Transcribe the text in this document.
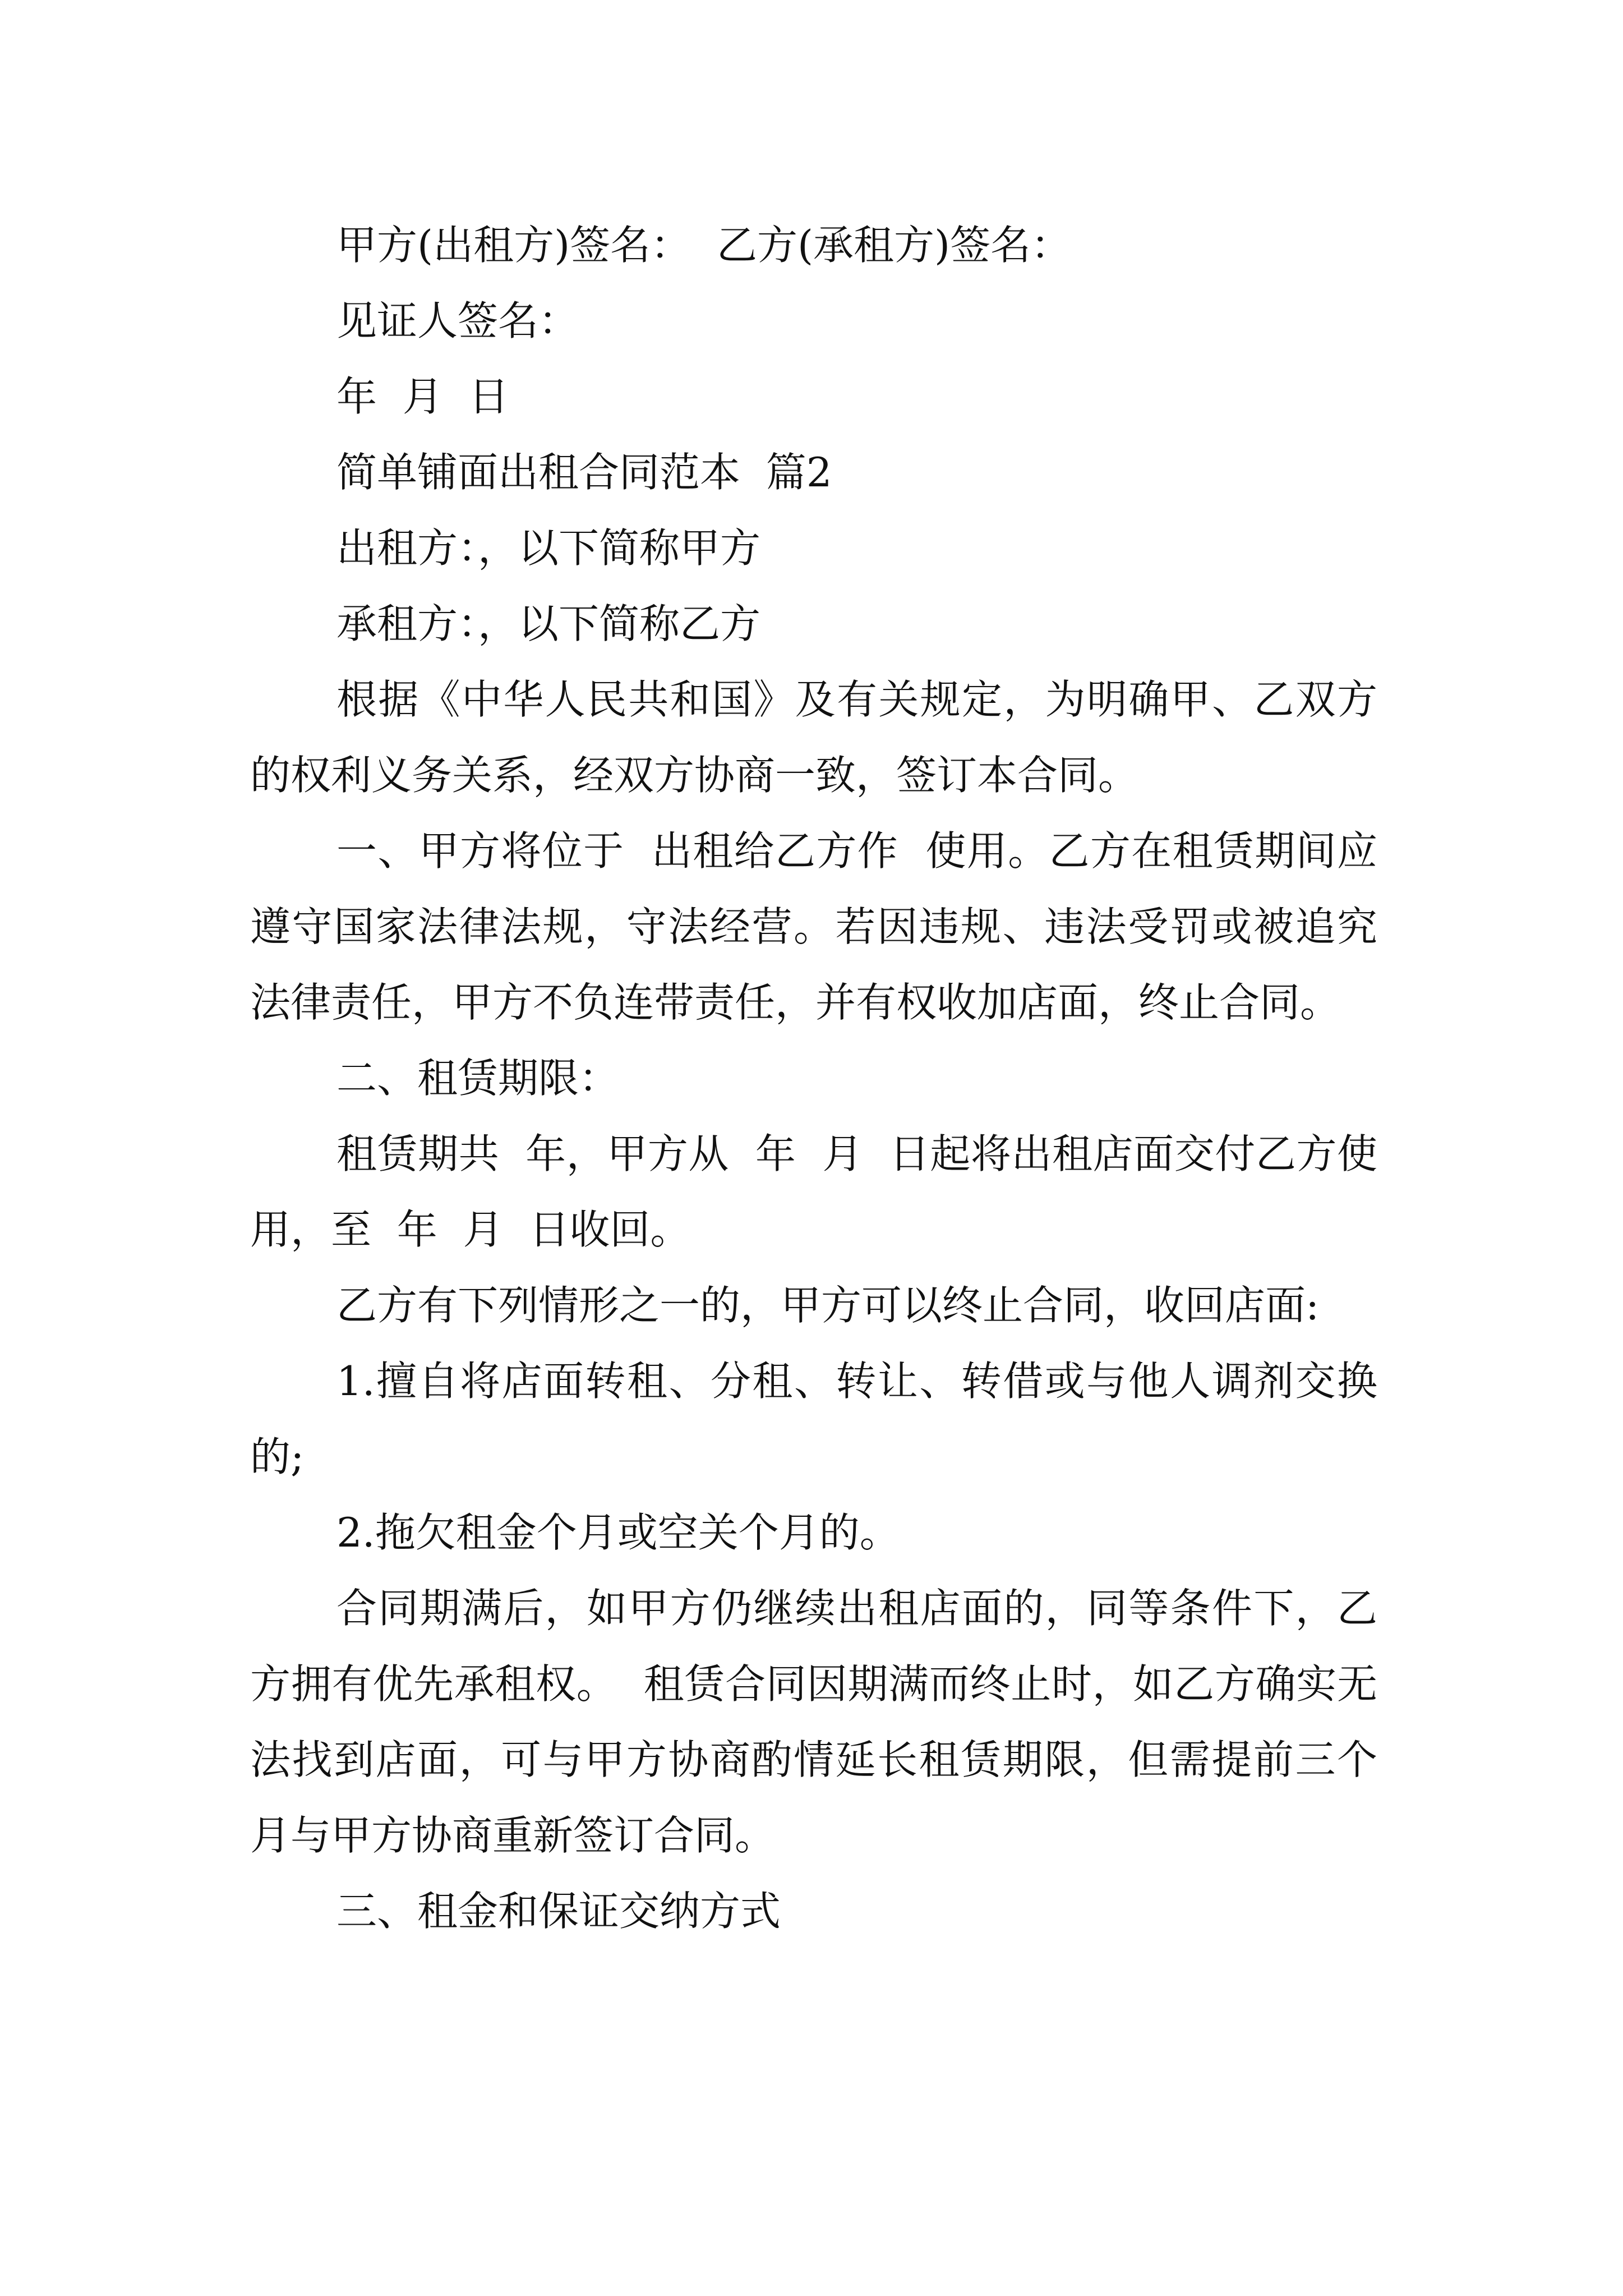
甲方(出租方)签名：  乙方(承租方)签名：

见证人签名：

年  月  日

简单铺面出租合同范本  篇2

出租方：，以下简称甲方

承租方：，以下简称乙方

根据《中华人民共和国》及有关规定，为明确甲、乙双方的权利义务关系，经双方协商一致，签订本合同。

一、甲方将位于  出租给乙方作  使用。乙方在租赁期间应遵守国家法律法规，守法经营。若因违规、违法受罚或被追究法律责任，甲方不负连带责任，并有权收加店面，终止合同。

二、租赁期限：

租赁期共  年，甲方从  年  月  日起将出租店面交付乙方使用，至  年  月  日收回。

乙方有下列情形之一的，甲方可以终止合同，收回店面:

1.擅自将店面转租、分租、转让、转借或与他人调剂交换的;

2.拖欠租金个月或空关个月的。

合同期满后，如甲方仍继续出租店面的，同等条件下，乙方拥有优先承租权。  租赁合同因期满而终止时，如乙方确实无法找到店面，可与甲方协商酌情延长租赁期限，但需提前三个月与甲方协商重新签订合同。

三、租金和保证交纳方式
